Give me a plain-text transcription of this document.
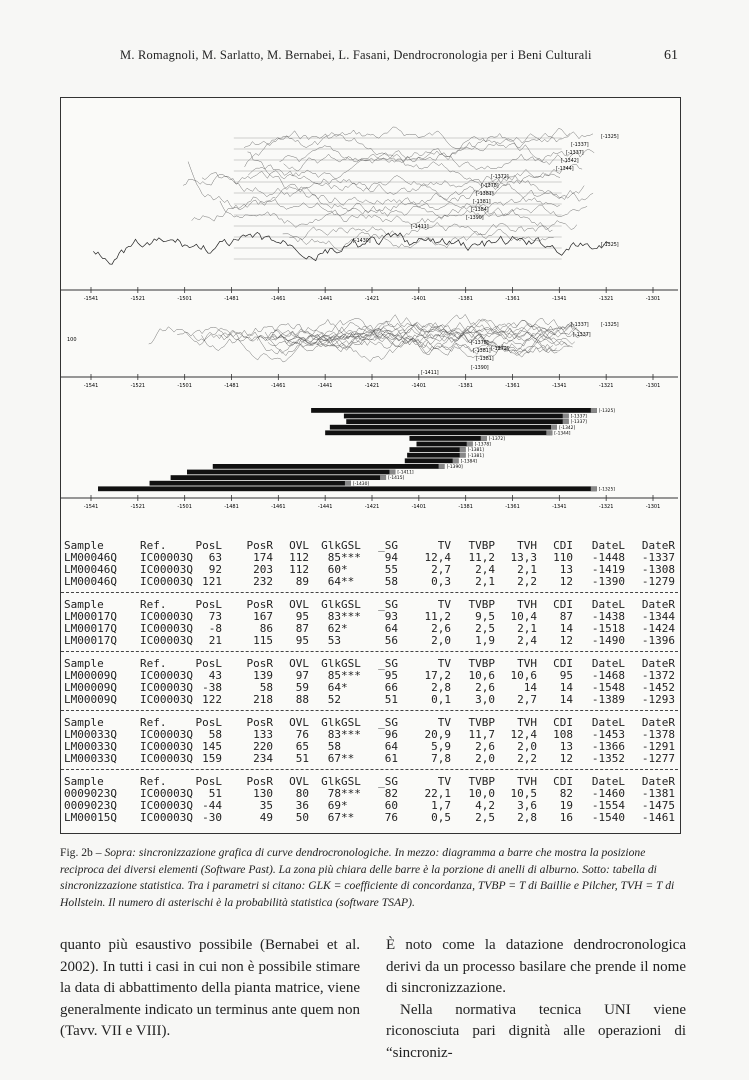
M. Romagnoli, M. Sarlatto, M. Bernabei, L. Fasani, Dendrocronologia per i Beni Culturali	61
-1541	-1521	-1501	-1481	-1461	-1441	-1421	-1401	-1381	-1361	-1341	-1321	-1301
-1541	-1521	-1501	-1481	-1461	-1441	-1421	-1401	-1381	-1361	-1341	-1321	-1301
-1541	-1521	-1501	-1481	-1461	-1441	-1421	-1401	-1381	-1361	-1341	-1321	-1301
[-1325]
[-1337]
[-1337]
[-1342]
[-1344]
[-1372]
[-1378]
[-1381]
[-1381]
[-1384]
[-1390]
[-1411]
[-1430]
[-1325]
100
[-1337]	[-1325]
[-1337]
[-1378]
[-1381] [-1372]
[-1381]
[-1390]
[-1411]
[-1325]
[-1337]
[-1337]
[-1342]
[-1344]
[-1372]
[-1378]
[-1381]
[-1381]
[-1384]
[-1390]
[-1411]
[-1415]
[-1430]
[-1325]
Sample	Ref.	PosL	PosR	OVL	Glk GSL	_SG	TV	TVBP	TVH	CDI	DateL	DateR
LM00046Q IC00003Q	63	174	112	85 ***	94	12,4	11,2	13,3	110	-1448	-1337
LM00046Q IC00003Q	92	203	112	60 *	55	2,7	2,4	2,1	13	-1419	-1308
LM00046Q IC00003Q 121	232	89	64 **	58	0,3	2,1	2,2	12	-1390	-1279
Sample	Ref.	PosL	PosR	OVL	Glk GSL	_SG	TV	TVBP	TVH	CDI	DateL	DateR
LM00017Q IC00003Q	73	167	95	83 ***	93	11,2	9,5	10,4	87	-1438	-1344
LM00017Q IC00003Q	-8	86	87	62 *	64	2,6	2,5	2,1	14	-1518	-1424
LM00017Q IC00003Q	21	115	95	53	56	2,0	1,9	2,4	12	-1490	-1396
Sample	Ref.	PosL	PosR	OVL	Glk GSL	_SG	TV	TVBP	TVH	CDI	DateL	DateR
LM00009Q IC00003Q	43	139	97	85 ***	95	17,2	10,6	10,6	95	-1468	-1372
LM00009Q IC00003Q -38	58	59	64 *	66	2,8	2,6	14	14	-1548	-1452
LM00009Q IC00003Q 122	218	88	52	51	0,1	3,0	2,7	14	-1389	-1293
Sample	Ref.	PosL	PosR	OVL	Glk GSL	_SG	TV	TVBP	TVH	CDI	DateL	DateR
LM00033Q IC00003Q	58	133	76	83 ***	96	20,9	11,7	12,4	108	-1453	-1378
LM00033Q IC00003Q 145	220	65	58	64	5,9	2,6	2,0	13	-1366	-1291
LM00033Q IC00003Q 159	234	51	67 **	61	7,8	2,0	2,2	12	-1352	-1277
Sample	Ref.	PosL	PosR	OVL	Glk GSL	_SG	TV	TVBP	TVH	CDI	DateL	DateR
0009023Q IC00003Q	51	130	80	78 ***	82	22,1	10,0	10,5	82	-1460	-1381
0009023Q IC00003Q -44	35	36	69 *	60	1,7	4,2	3,6	19	-1554	-1475
LM00015Q IC00003Q -30	49	50	67 **	76	0,5	2,5	2,8	16	-1540	-1461
Fig. 2b – Sopra: sincronizzazione grafica di curve dendrocronologiche. In mezzo: diagramma a barre che mostra la posizione reciproca dei diversi elementi (Software Past). La zona più chiara delle barre è la porzione di anelli di alburno. Sotto: tabella di sincronizzazione statistica. Tra i parametri si citano: GLK = coefficiente di concordanza, TVBP = T di Baillie e Pilcher, TVH = T di Hollstein. Il numero di asterischi è la probabilità statistica (software TSAP).
quanto più esaustivo possibile (Bernabei et al. 2002). In tutti i casi in cui non è possibile stimare la data di abbattimento della pianta matrice, viene generalmente indicato un terminus ante quem non (Tavv. VII e VIII).
È noto come la datazione dendrocronologica derivi da un processo basilare che prende il nome di sincronizzazione.
Nella normativa tecnica UNI viene riconosciuta pari dignità alle operazioni di “sincroniz-
